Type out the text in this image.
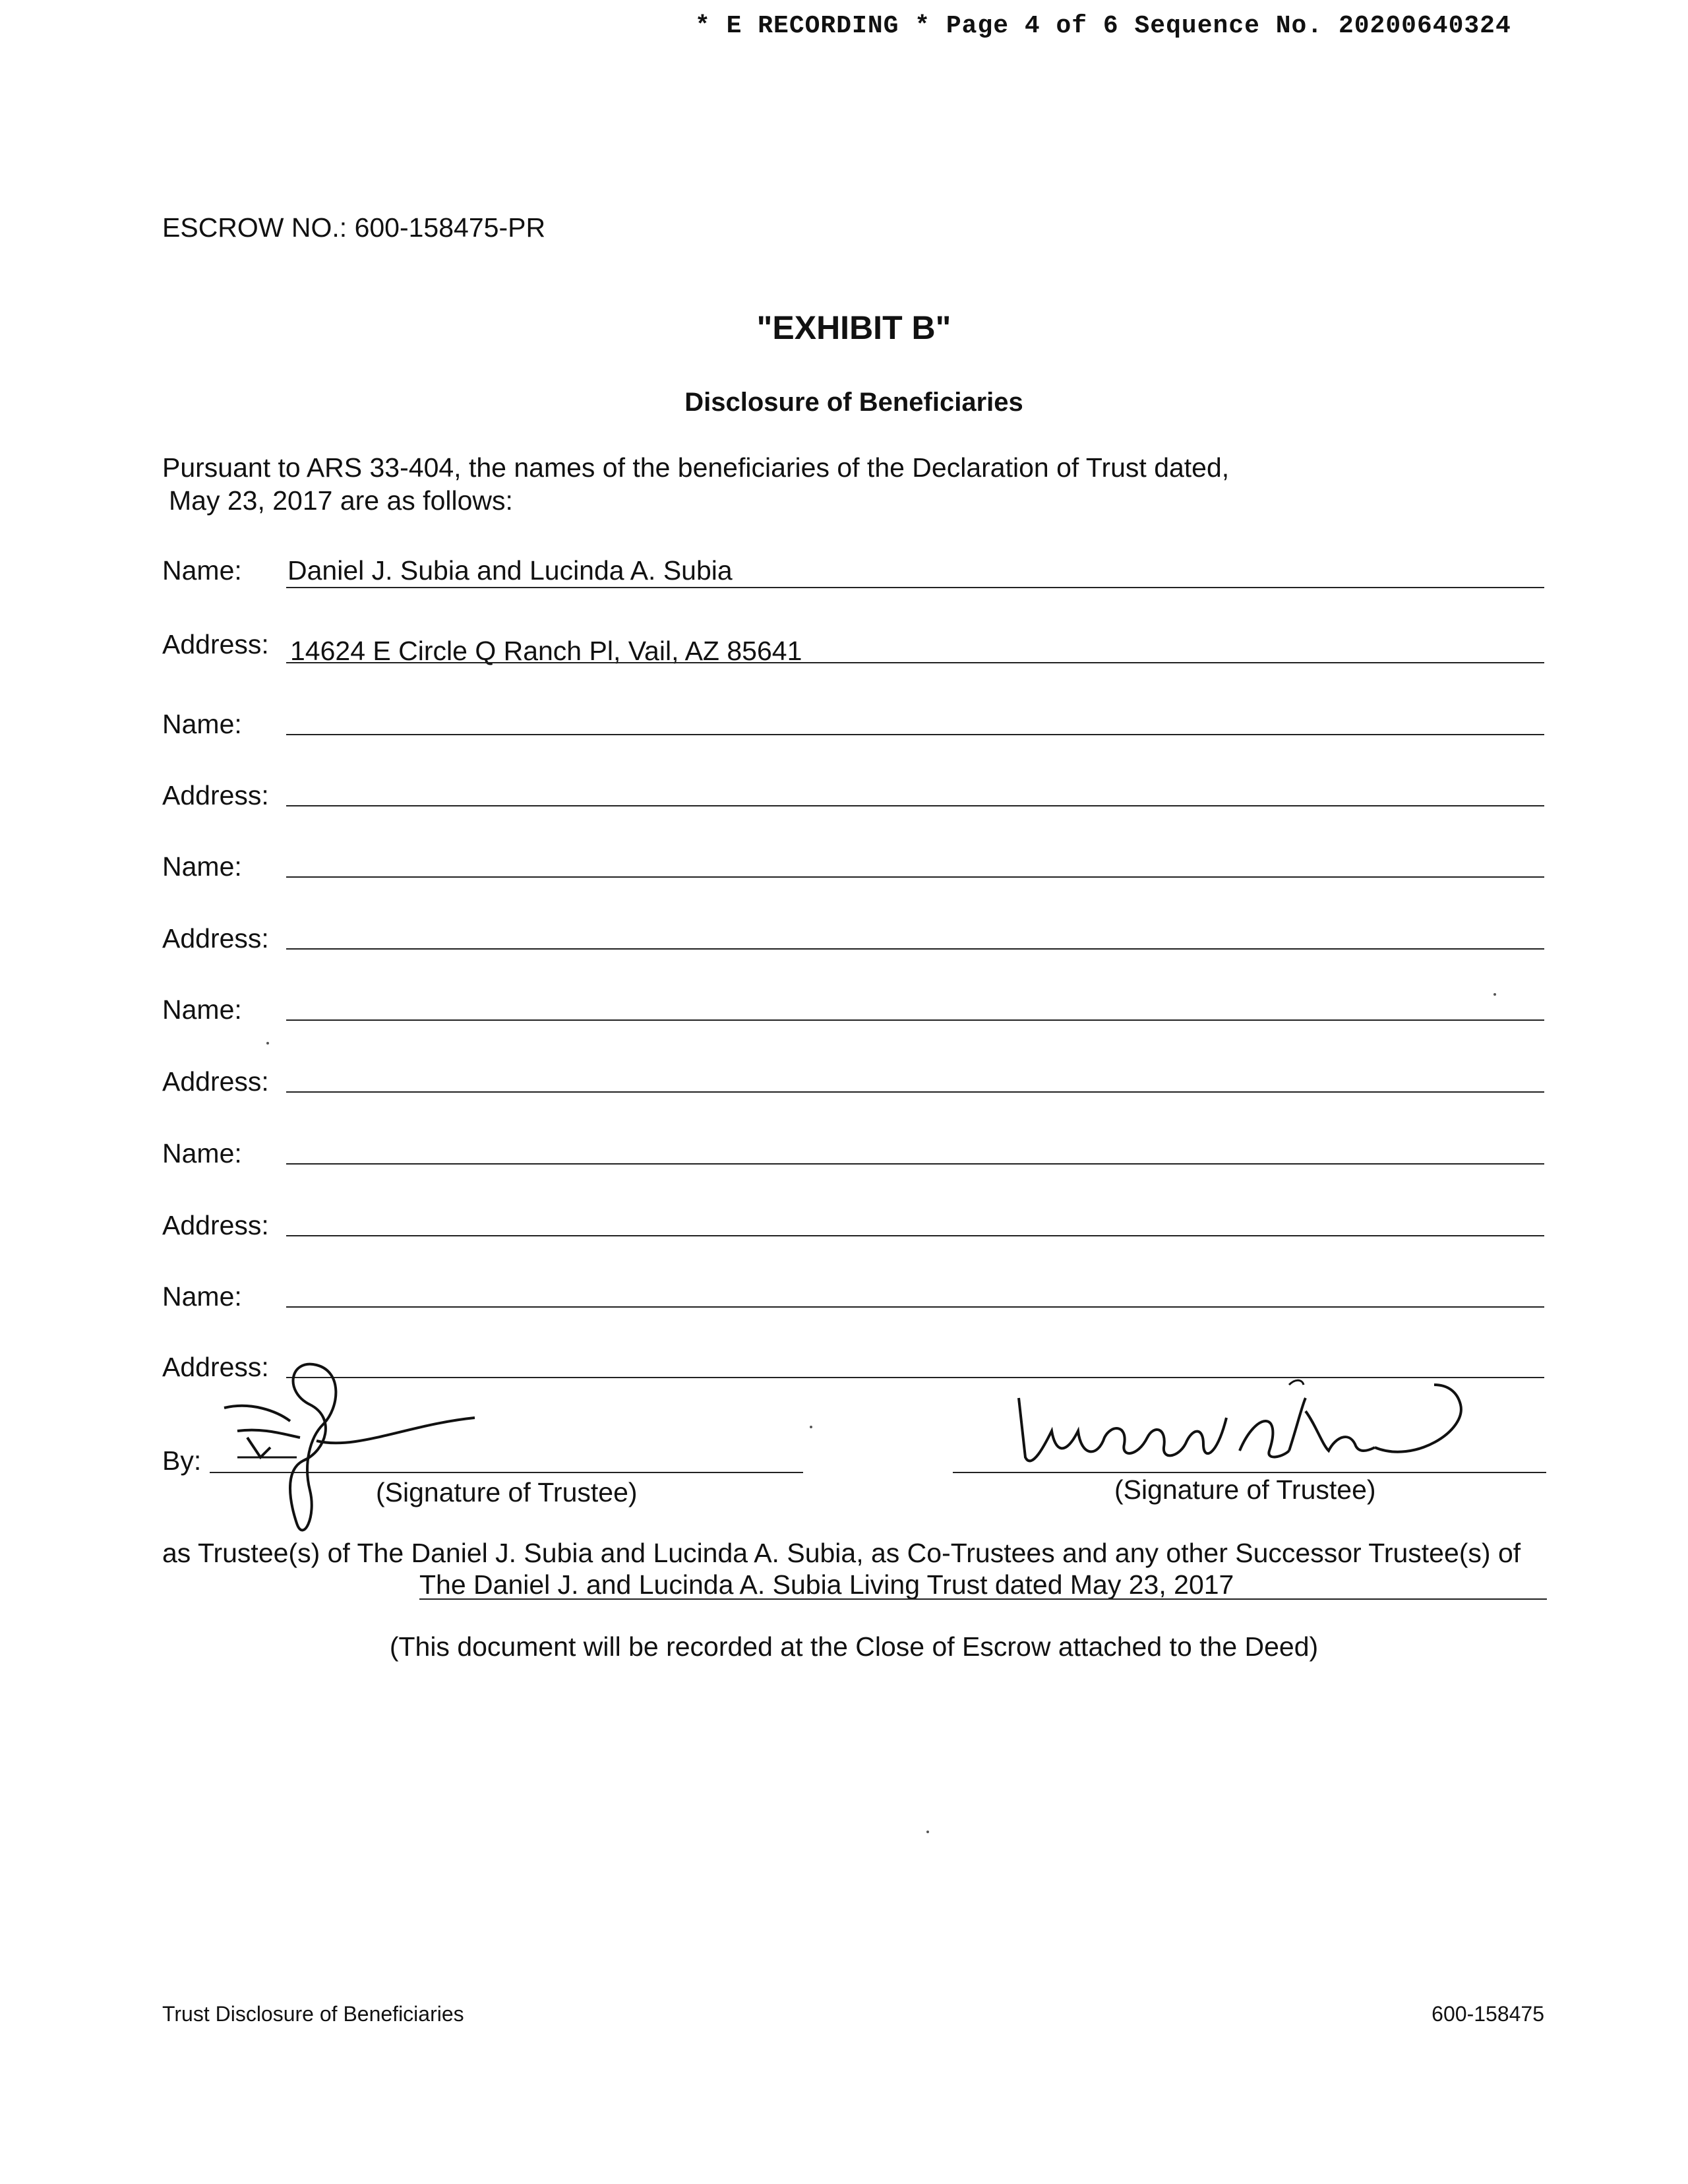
* E RECORDING * Page 4 of 6 Sequence No. 20200640324
ESCROW NO.: 600-158475-PR
"EXHIBIT B"
Disclosure of Beneficiaries
Pursuant to ARS 33-404, the names of the beneficiaries of the Declaration of Trust dated,
May 23, 2017 are as follows:
Name: Daniel J. Subia and Lucinda A. Subia
Address: 14624 E Circle Q Ranch Pl, Vail, AZ 85641
Name:
Address:
Name:
Address:
Name:
Address:
Name:
Address:
Name:
Address:
By:
(Signature of Trustee)	(Signature of Trustee)
as Trustee(s) of The Daniel J. Subia and Lucinda A. Subia, as Co-Trustees and any other Successor Trustee(s) of
The Daniel J. and Lucinda A. Subia Living Trust dated May 23, 2017
(This document will be recorded at the Close of Escrow attached to the Deed)
Trust Disclosure of Beneficiaries	600-158475
